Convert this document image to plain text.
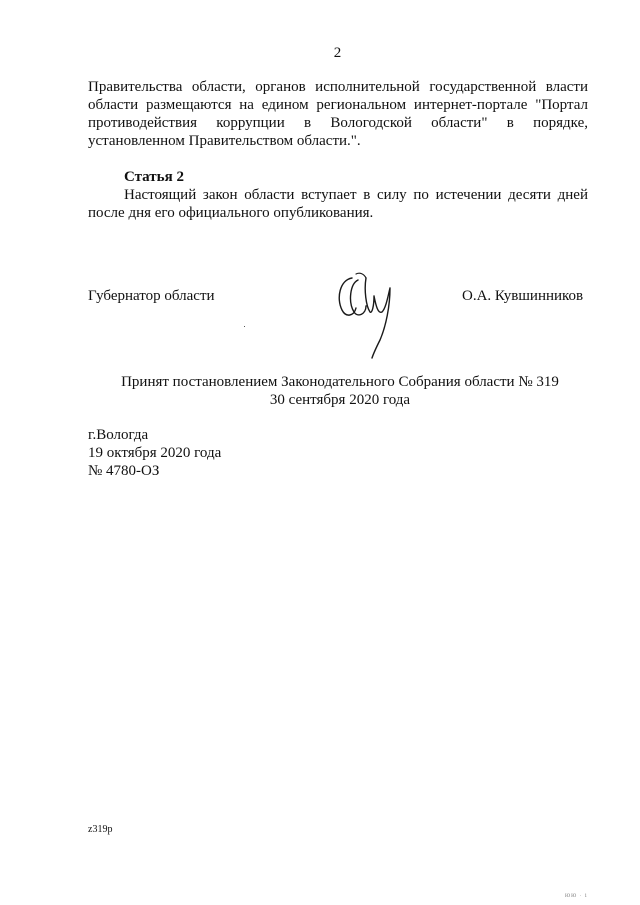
2
Правительства области, органов исполнительной государственной власти
области размещаются на едином региональном интернет-портале "Портал
противодействия коррупции в Вологодской области" в порядке,
установленном Правительством области.".
Статья 2
Настоящий закон области вступает в силу по истечении десяти дней
после дня его официального опубликования.
Губернатор области	О.А. Кувшинников
Принят постановлением Законодательного Собрания области № 319
30 сентября 2020 года
г.Вологда
19 октября 2020 года
№ 4780-ОЗ
z319р
ЮЮ · 1
